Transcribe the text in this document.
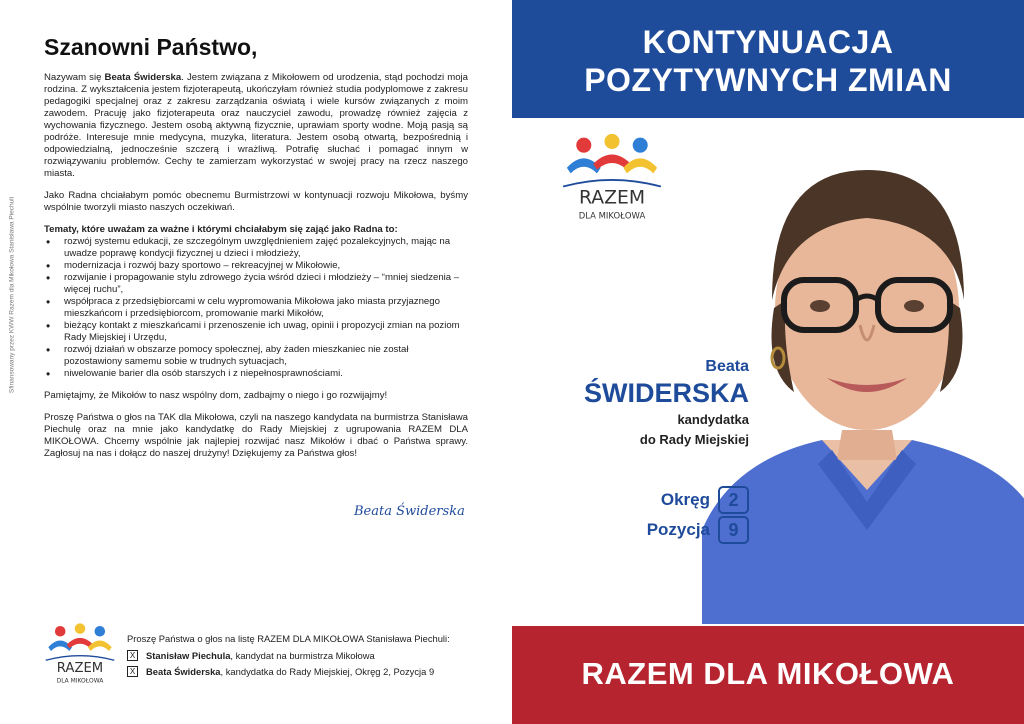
Sfinansowany przez KWW Razem dla Mikołowa Stanisława Piechuli
Szanowni Państwo,

Nazywam się Beata Świderska. Jestem związana z Mikołowem od urodzenia, stąd pochodzi moja rodzina. Z wykształcenia jestem fizjoterapeutą, ukończyłam również studia podyplomowe z zakresu pedagogiki specjalnej oraz z zakresu zarządzania oświatą i wiele kursów związanych z moim zawodem. Pracuję jako fizjoterapeuta oraz nauczyciel zawodu, prowadzę również zajęcia z wychowania fizycznego. Jestem osobą aktywną fizycznie, uprawiam sporty wodne. Moją pasją są podróże. Interesuje mnie medycyna, muzyka, literatura. Jestem osobą otwartą, bezpośrednią i odpowiedzialną, jednocześnie szczerą i wrażliwą. Potrafię słuchać i pomagać innym w rozwiązywaniu problemów. Cechy te zamierzam wykorzystać w swojej pracy na rzecz naszego miasta.

Jako Radna chciałabym pomóc obecnemu Burmistrzowi w kontynuacji rozwoju Mikołowa, byśmy wspólnie tworzyli miasto naszych oczekiwań.

Tematy, które uważam za ważne i którymi chciałabym się zająć jako Radna to:

• rozwój systemu edukacji, ze szczególnym uwzględnieniem zajęć pozalekcyjnych, mając na uwadze poprawę kondycji fizycznej u dzieci i młodzieży,
• modernizacja i rozwój bazy sportowo – rekreacyjnej w Mikołowie,
• rozwijanie i propagowanie stylu zdrowego życia wśród dzieci i młodzieży – “mniej siedzenia – więcej ruchu”,
• współpraca z przedsiębiorcami w celu wypromowania Mikołowa jako miasta przyjaznego mieszkańcom i przedsiębiorcom, promowanie marki Mikołów,
• bieżący kontakt z mieszkańcami i przenoszenie ich uwag, opinii i propozycji zmian na poziom Rady Miejskiej i Urzędu,
• rozwój działań w obszarze pomocy społecznej, aby żaden mieszkaniec nie został pozostawiony samemu sobie w trudnych sytuacjach,
• niwelowanie barier dla osób starszych i z niepełnosprawnościami.

Pamiętajmy, że Mikołów to nasz wspólny dom, zadbajmy o niego i go rozwijajmy!

Proszę Państwa o głos na TAK dla Mikołowa, czyli na naszego kandydata na burmistrza Stanisława Piechulę oraz na mnie jako kandydatkę do Rady Miejskiej z ugrupowania RAZEM DLA MIKOŁOWA. Chcemy wspólnie jak najlepiej rozwijać nasz Mikołów i dbać o Państwa sprawy. Zagłosuj na nas i dołącz do naszej drużyny! Dziękujemy za Państwa głos!

Beata Świderska
RAZEM
DLA MIKOŁOWA

Proszę Państwa o głos na listę RAZEM DLA MIKOŁOWA Stanisława Piechuli:

X	Stanisław Piechula, kandydat na burmistrza Mikołowa
X	Beata Świderska, kandydatka do Rady Miejskiej, Okręg 2, Pozycja 9
KONTYNUACJA
POZYTYWNYCH ZMIAN
RAZEM
DLA MIKOŁOWA
Beata
ŚWIDERSKA
kandydatka
do Rady Miejskiej
Okręg	2
Pozycja	9
RAZEM DLA MIKOŁOWA
